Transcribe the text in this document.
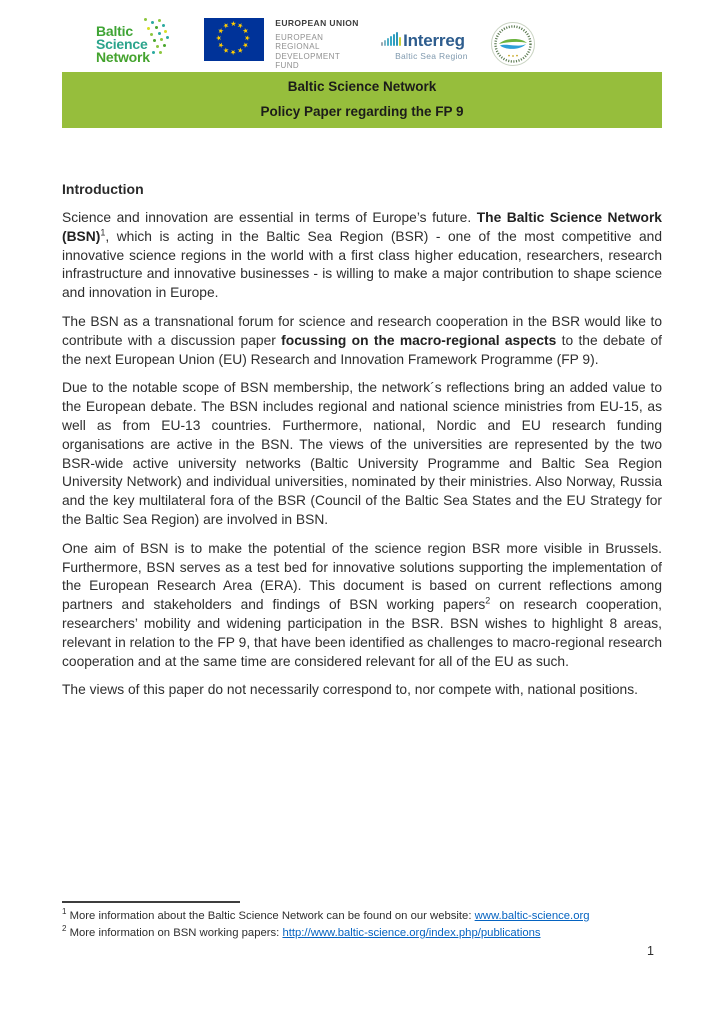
Baltic
Science
Network
★ ★
★
★
★
★
★
★
★
★
★
★	EUROPEAN UNION
EUROPEAN
REGIONAL
DEVELOPMENT
FUND
Interreg
Baltic Sea Region
Baltic Science Network
Policy Paper regarding the FP 9
Introduction

Science and innovation are essential in terms of Europe’s future. The Baltic Science Network (BSN)$^1$, which is acting in the Baltic Sea Region (BSR) - one of the most competitive and innovative science regions in the world with a first class higher education, researchers, research infrastructure and innovative businesses - is willing to make a major contribution to shape science and innovation in Europe.

The BSN as a transnational forum for science and research cooperation in the BSR would like to contribute with a discussion paper focussing on the macro-regional aspects to the debate of the next European Union (EU) Research and Innovation Framework Programme (FP 9).

Due to the notable scope of BSN membership, the network´s reflections bring an added value to the European debate. The BSN includes regional and national science ministries from EU-15, as well as from EU-13 countries. Furthermore, national, Nordic and EU research funding organisations are active in the BSN. The views of the universities are represented by the two BSR-wide active university networks (Baltic University Programme and Baltic Sea Region University Network) and individual universities, nominated by their ministries. Also Norway, Russia and the key multilateral fora of the BSR (Council of the Baltic Sea States and the EU Strategy for the Baltic Sea Region) are involved in BSN.

One aim of BSN is to make the potential of the science region BSR more visible in Brussels. Furthermore, BSN serves as a test bed for innovative solutions supporting the implementation of the European Research Area (ERA). This document is based on current reflections among partners and stakeholders and findings of BSN working papers$^2$ on research cooperation, researchers’ mobility and widening participation in the BSR. BSN wishes to highlight 8 areas, relevant in relation to the FP 9, that have been identified as challenges to macro-regional research cooperation and at the same time are considered relevant for all of the EU as such.

The views of this paper do not necessarily correspond to, nor compete with, national positions.

$^1$ More information about the Baltic Science Network can be found on our website: www.baltic-science.org
$^2$ More information on BSN working papers: http://www.baltic-science.org/index.php/publications
1
